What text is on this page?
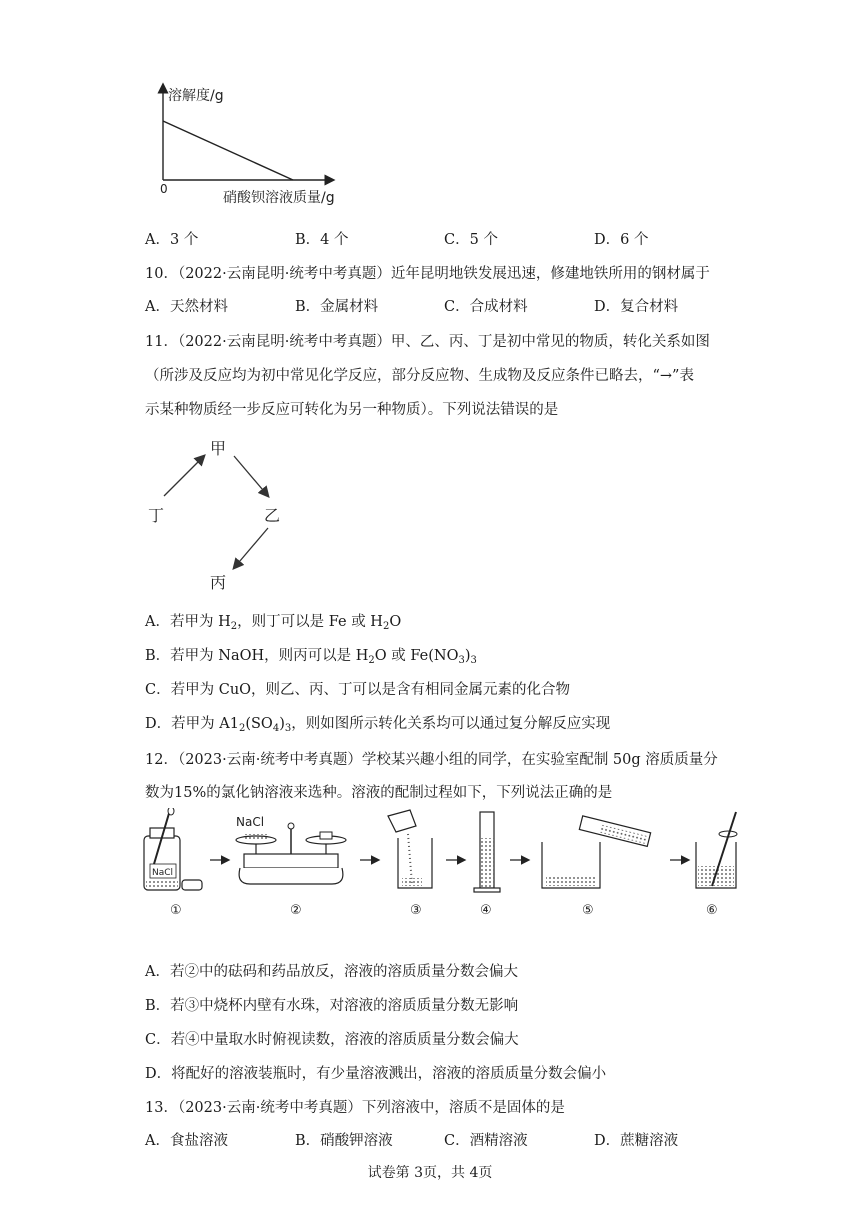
溶解度/g
0
硝酸钡溶液质量/g
A．3 个	B．4 个	C．5 个	D．6 个
10．（2022·云南昆明·统考中考真题）近年昆明地铁发展迅速，修建地铁所用的钢材属于
A．天然材料	B．金属材料	C．合成材料	D．复合材料
11．（2022·云南昆明·统考中考真题）甲、乙、丙、丁是初中常见的物质，转化关系如图
（所涉及反应均为初中常见化学反应，部分反应物、生成物及反应条件已略去，“→”表
示某种物质经一步反应可转化为另一种物质）。下列说法错误的是
甲
乙
丙
丁
A．若甲为 $H_2$，则丁可以是 Fe 或 $H_2O$
B．若甲为 NaOH，则丙可以是 $H_2O$ 或 $Fe(NO_3)_3$
C．若甲为 CuO，则乙、丙、丁可以是含有相同金属元素的化合物
D．若甲为 $A1_2(SO_4)_3$，则如图所示转化关系均可以通过复分解反应实现
12．（2023·云南·统考中考真题）学校某兴趣小组的同学，在实验室配制 50g 溶质质量分
数为15%的氯化钠溶液来选种。溶液的配制过程如下，下列说法正确的是
NaCl
NaCl
①	②	③	④	⑤	⑥
A．若②中的砝码和药品放反，溶液的溶质质量分数会偏大
B．若③中烧杯内壁有水珠，对溶液的溶质质量分数无影响
C．若④中量取水时俯视读数，溶液的溶质质量分数会偏大
D．将配好的溶液装瓶时，有少量溶液溅出，溶液的溶质质量分数会偏小
13．（2023·云南·统考中考真题）下列溶液中，溶质不是固体的是
A．食盐溶液	B．硝酸钾溶液	C．酒精溶液	D．蔗糖溶液
试卷第 3页，共 4页
